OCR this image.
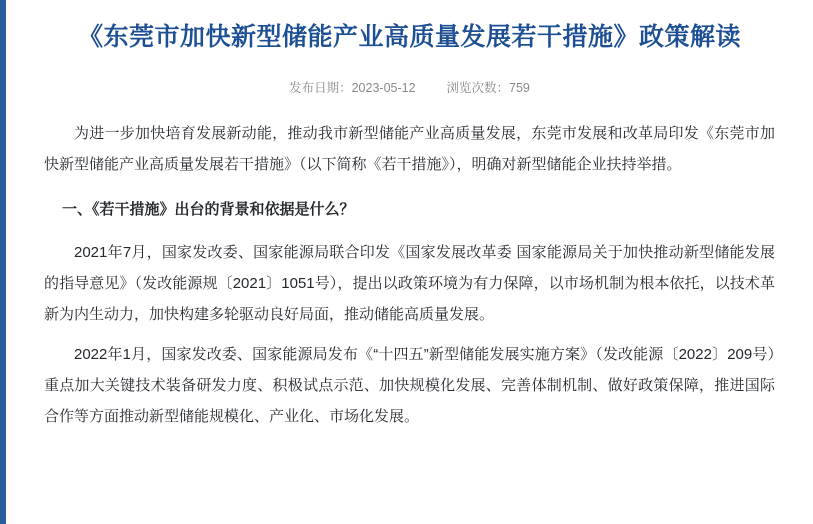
《东莞市加快新型储能产业高质量发展若干措施》政策解读
发布日期：2023-05-12 浏览次数：759

为进一步加快培育发展新动能，推动我市新型储能产业高质量发展，东莞市发展和改革局印发《东莞市加快新型储能产业高质量发展若干措施》（以下简称《若干措施》），明确对新型储能企业扶持举措。

一、《若干措施》出台的背景和依据是什么？

2021年7月，国家发改委、国家能源局联合印发《国家发展改革委 国家能源局关于加快推动新型储能发展的指导意见》（发改能源规〔2021〕1051号），提出以政策环境为有力保障，以市场机制为根本依托，以技术革新为内生动力，加快构建多轮驱动良好局面，推动储能高质量发展。

2022年1月，国家发改委、国家能源局发布《“十四五”新型储能发展实施方案》（发改能源〔2022〕209号）重点加大关键技术装备研发力度、积极试点示范、加快规模化发展、完善体制机制、做好政策保障，推进国际合作等方面推动新型储能规模化、产业化、市场化发展。
